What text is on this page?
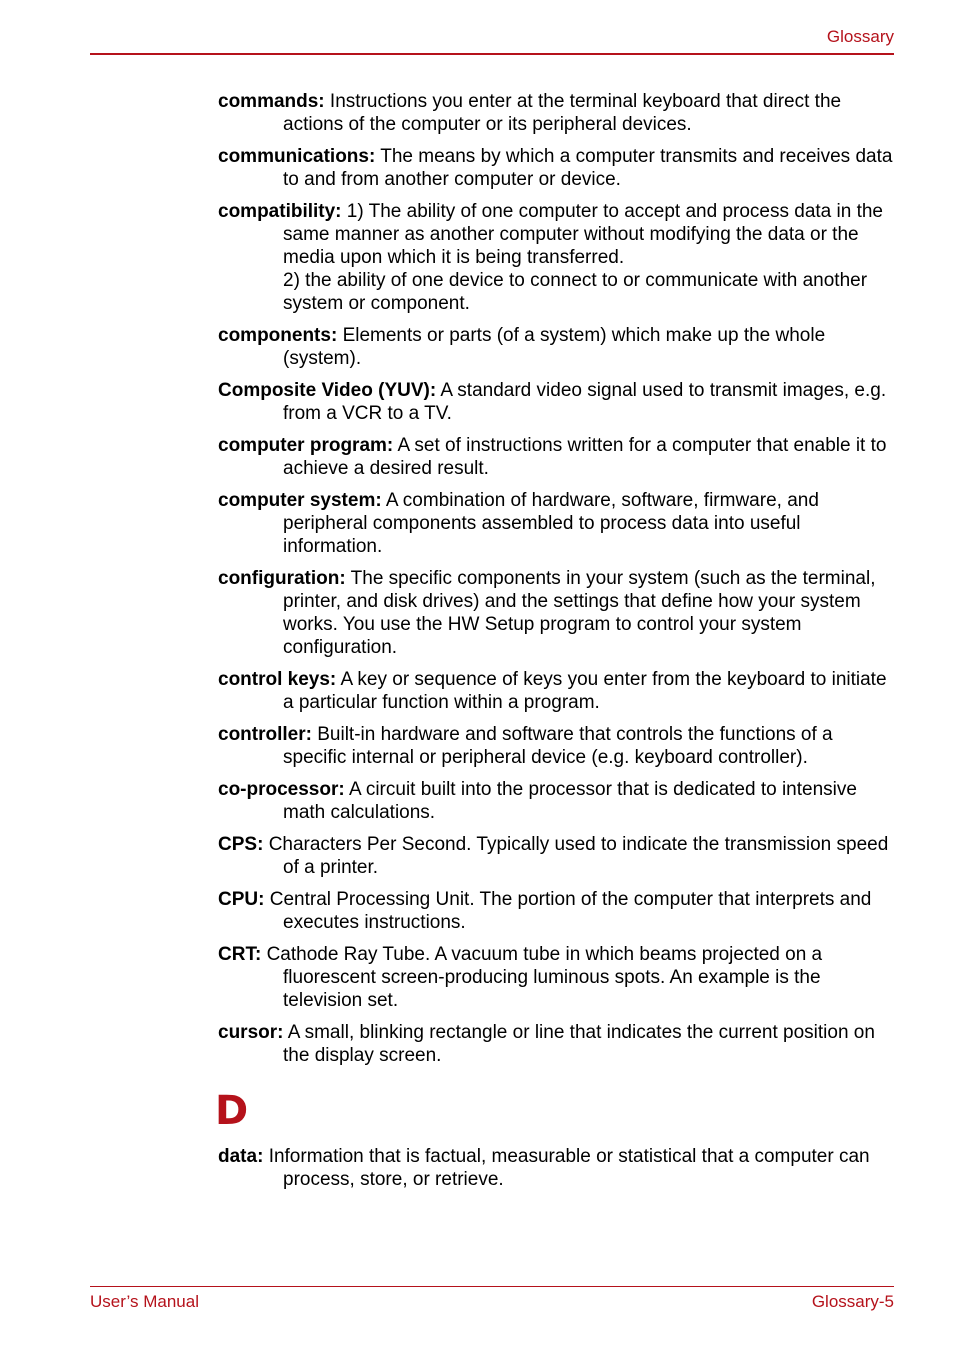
Glossary

commands: Instructions you enter at the terminal keyboard that direct the actions of the computer or its peripheral devices.

communications: The means by which a computer transmits and receives data to and from another computer or device.

compatibility: 1) The ability of one computer to accept and process data in the same manner as another computer without modifying the data or the media upon which it is being transferred.
2) the ability of one device to connect to or communicate with another system or component.

components: Elements or parts (of a system) which make up the whole (system).

Composite Video (YUV): A standard video signal used to transmit images, e.g. from a VCR to a TV.

computer program: A set of instructions written for a computer that enable it to achieve a desired result.

computer system: A combination of hardware, software, firmware, and peripheral components assembled to process data into useful information.

configuration: The specific components in your system (such as the terminal, printer, and disk drives) and the settings that define how your system works. You use the HW Setup program to control your system configuration.

control keys: A key or sequence of keys you enter from the keyboard to initiate a particular function within a program.

controller: Built-in hardware and software that controls the functions of a specific internal or peripheral device (e.g. keyboard controller).

co-processor: A circuit built into the processor that is dedicated to intensive math calculations.

CPS: Characters Per Second. Typically used to indicate the transmission speed of a printer.

CPU: Central Processing Unit. The portion of the computer that interprets and executes instructions.

CRT: Cathode Ray Tube. A vacuum tube in which beams projected on a fluorescent screen-producing luminous spots. An example is the television set.

cursor: A small, blinking rectangle or line that indicates the current position on the display screen.

D

data: Information that is factual, measurable or statistical that a computer can process, store, or retrieve.

User’s Manual	Glossary-5
